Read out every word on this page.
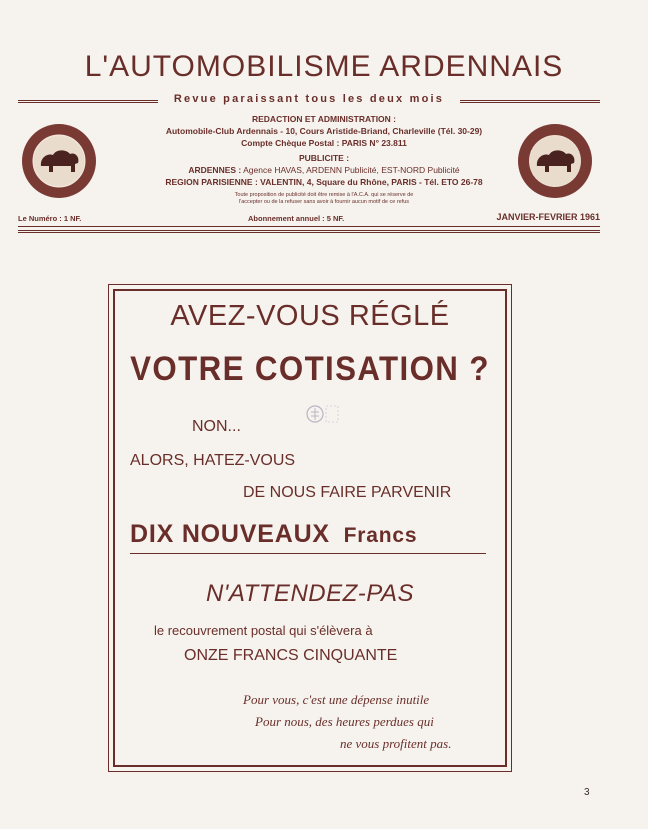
L'AUTOMOBILISME ARDENNAIS
Revue paraissant tous les deux mois
REDACTION ET ADMINISTRATION :
Automobile-Club Ardennais - 10, Cours Aristide-Briand, Charleville (Tél. 30-29)
Compte Chèque Postal : PARIS N° 23.811
PUBLICITE :
ARDENNES : Agence HAVAS, ARDENN Publicité, EST-NORD Publicité
REGION PARISIENNE : VALENTIN, 4, Square du Rhône, PARIS - Tél. ETO 26-78
Toute proposition de publicité doit être remise à l'A.C.A. qui se réserve de
l'accepter ou de la refuser sans avoir à fournir aucun motif de ce refus
Le Numéro : 1 NF.	Abonnement annuel : 5 NF.	JANVIER-FEVRIER 1961
AVEZ-VOUS RÉGLÉ
VOTRE COTISATION ?
NON...
ALORS, HATEZ-VOUS
DE NOUS FAIRE PARVENIR
DIX NOUVEAUX Francs
N'ATTENDEZ-PAS
le recouvrement postal qui s'élèvera à
ONZE FRANCS CINQUANTE
Pour vous, c'est une dépense inutile
Pour nous, des heures perdues qui
ne vous profitent pas.
3
